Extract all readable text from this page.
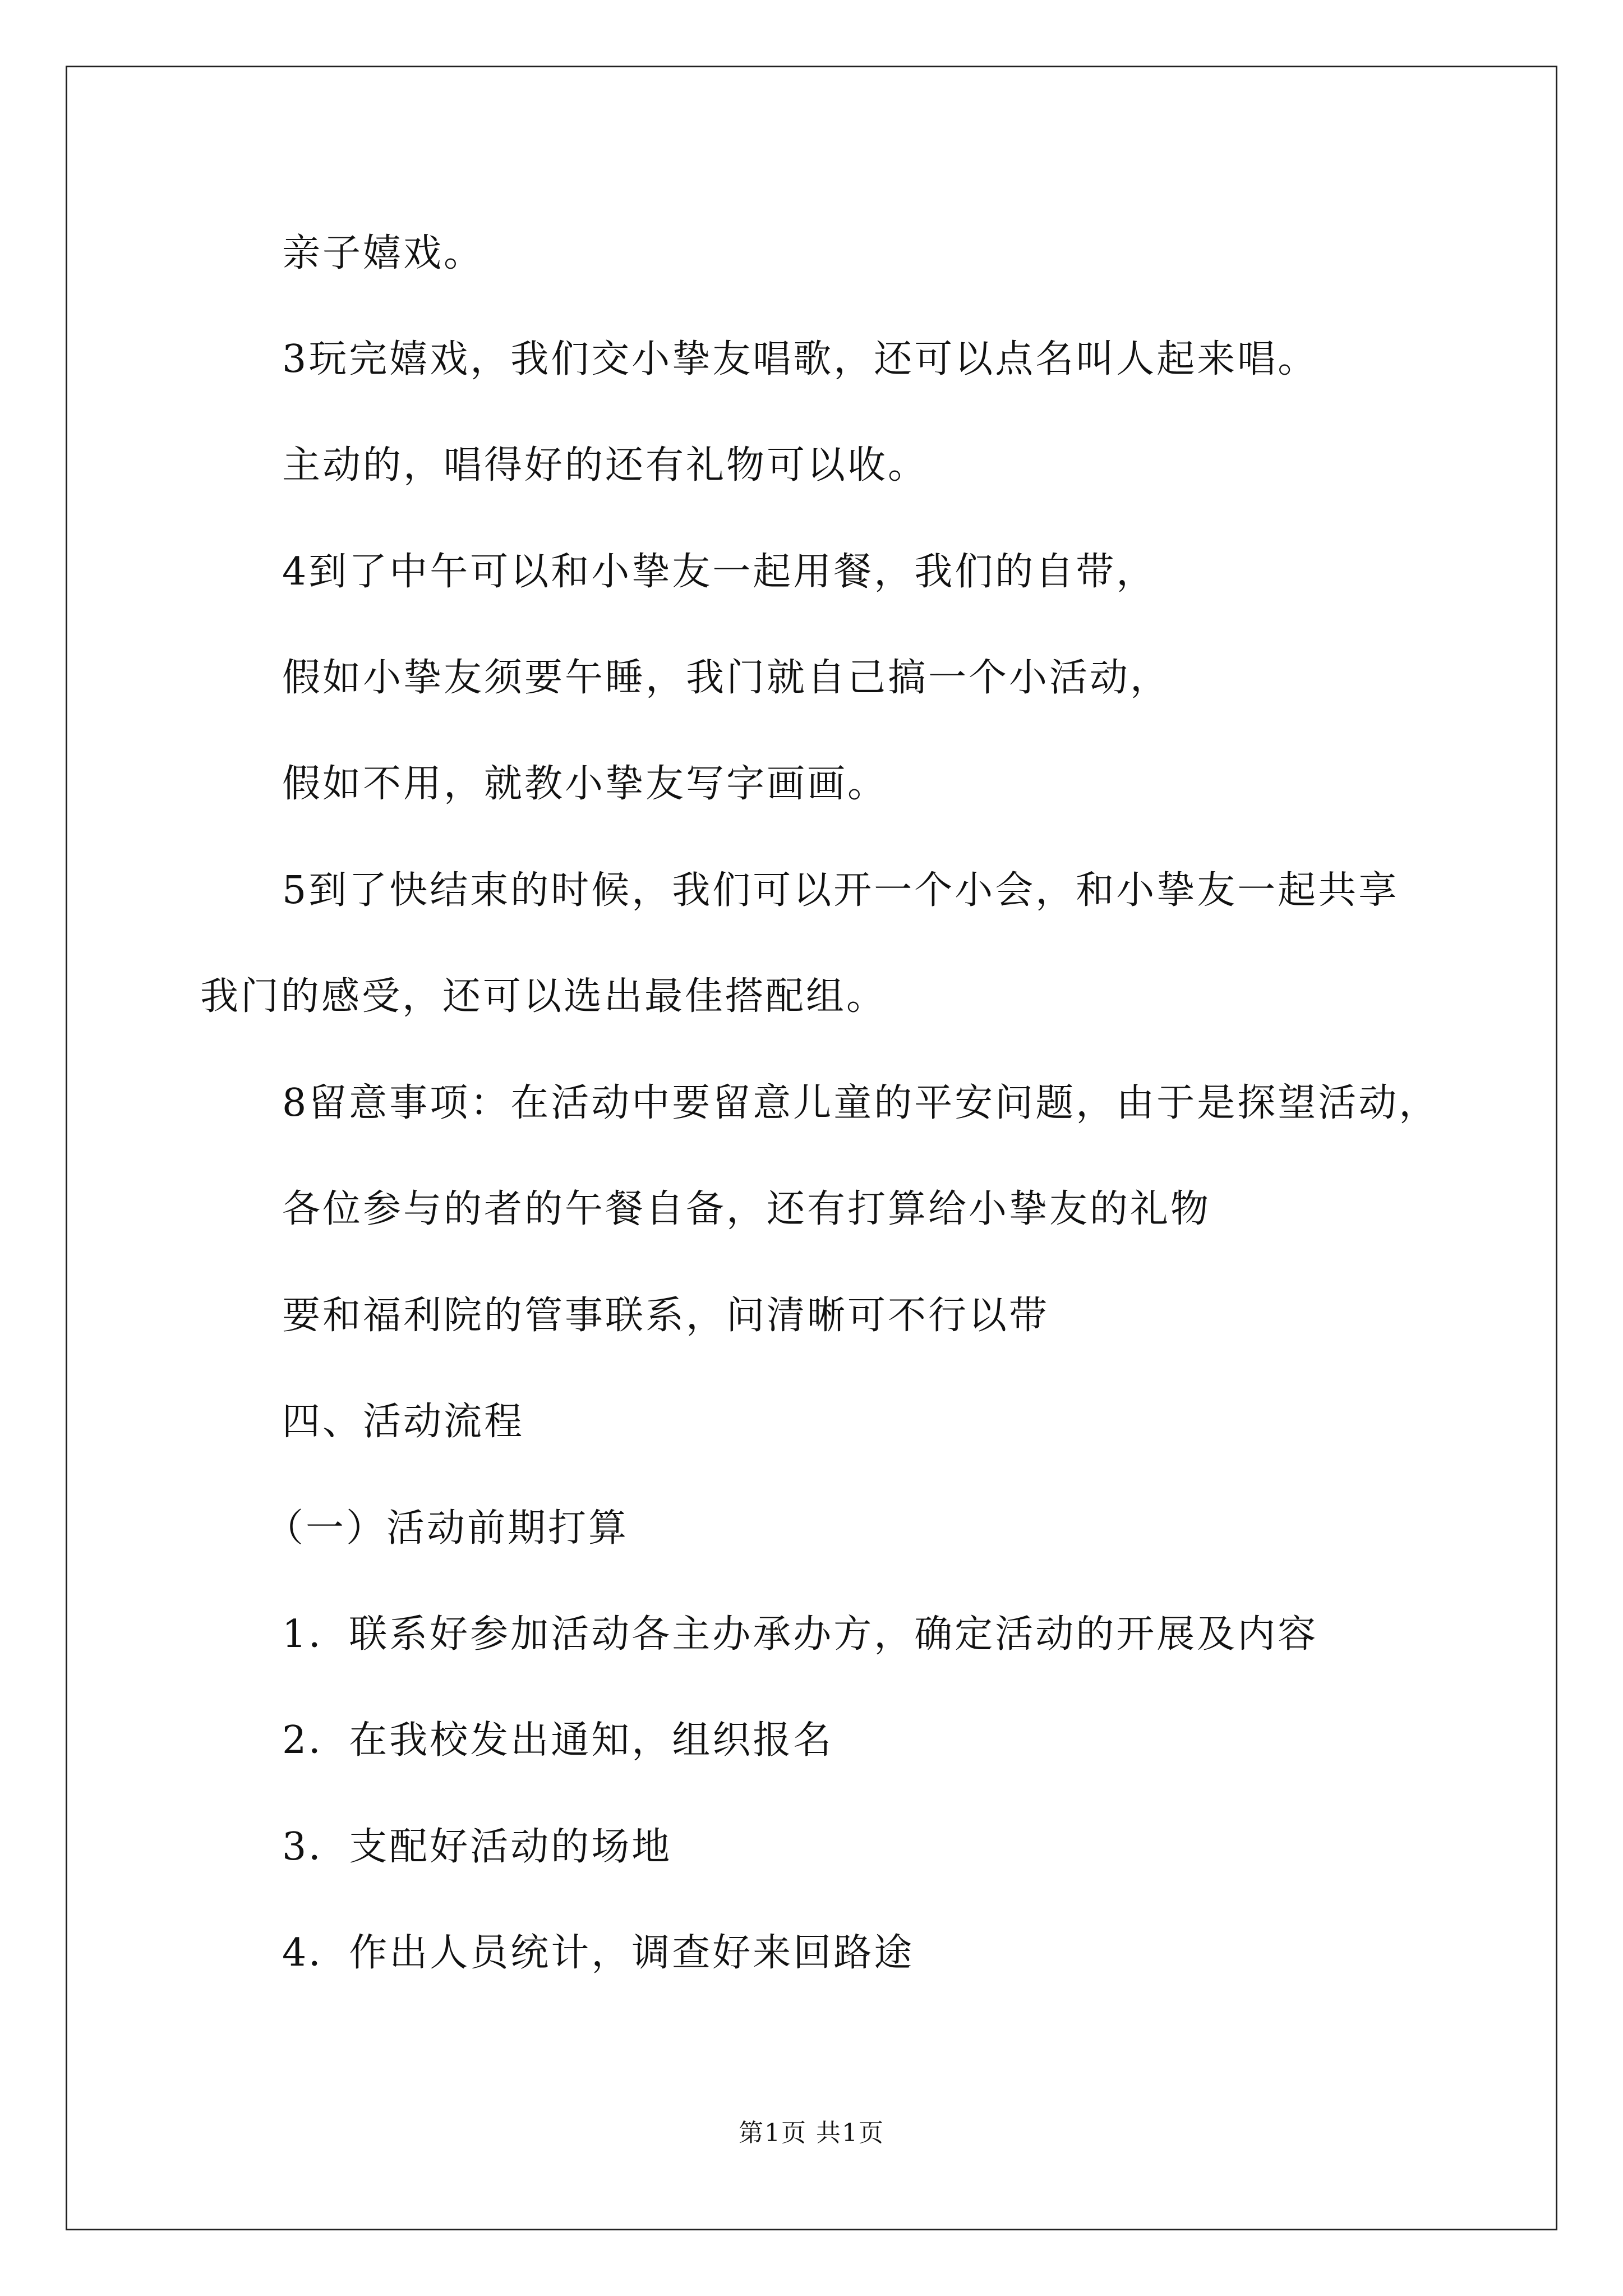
亲子嬉戏。
3玩完嬉戏，我们交小挚友唱歌，还可以点名叫人起来唱。
主动的，唱得好的还有礼物可以收。
4到了中午可以和小挚友一起用餐，我们的自带，
假如小挚友须要午睡，我门就自己搞一个小活动，
假如不用，就教小挚友写字画画。
5到了快结束的时候，我们可以开一个小会，和小挚友一起共享
我门的感受，还可以选出最佳搭配组。
8留意事项：在活动中要留意儿童的平安问题，由于是探望活动，
各位参与的者的午餐自备，还有打算给小挚友的礼物
要和福利院的管事联系，问清晰可不行以带
四、活动流程
（一）活动前期打算
1．联系好参加活动各主办承办方，确定活动的开展及内容
2．在我校发出通知，组织报名
3．支配好活动的场地
4．作出人员统计，调查好来回路途
第1页 共1页
